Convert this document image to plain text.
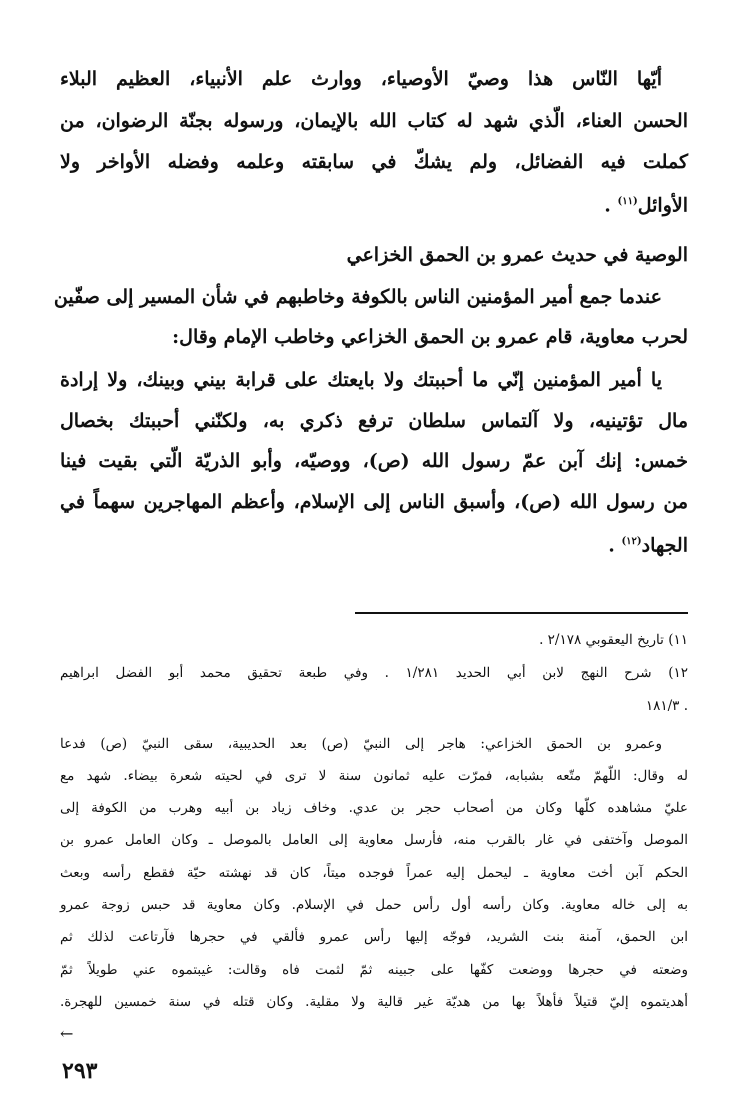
أيّها النّاس هذا وصيّ الأوصياء، ووارث علم الأنبياء، العظيم البلاء
الحسن العناء، الّذي شهد له كتاب الله بالإيمان، ورسوله بجنّة الرضوان، من
كملت فيه الفضائل، ولم يشكّ في سابقته وعلمه وفضله الأواخر ولا
الأوائل$^{(١١)}$ .
الوصية في حديث عمرو بن الحمق الخزاعي
عندما جمع أمير المؤمنين الناس بالكوفة وخاطبهم في شأن المسير إلى صفّين
لحرب معاوية، قام عمرو بن الحمق الخزاعي وخاطب الإمام وقال:
يا أمير المؤمنين إنّي ما أحببتك ولا بايعتك على قرابة بيني وبينك، ولا إرادة
مال تؤتينيه، ولا آلتماس سلطان ترفع ذكري به، ولكنّني أحببتك بخصال
خمس: إنك آبن عمّ رسول الله (ص)، ووصيّه، وأبو الذريّة الّتي بقيت فينا
من رسول الله (ص)، وأسبق الناس إلى الإسلام، وأعظم المهاجرين سهماً في
الجهاد$^{(١٢)}$ .
١١) تاريخ اليعقوبي ٢/١٧٨ .
١٢) شرح النهج لابن أبي الحديد ١/٢٨١ . وفي طبعة تحقيق محمد أبو الفضل ابراهيم
. ١٨١/٣
وعمرو بن الحمق الخزاعي: هاجر إلى النبيّ (ص) بعد الحديبية، سقى النبيّ (ص) فدعا
له وقال: اللّهمّ متّعه بشبابه، فمرّت عليه ثمانون سنة لا ترى في لحيته شعرة بيضاء. شهد مع
عليّ مشاهده كلّها وكان من أصحاب حجر بن عدي. وخاف زياد بن أبيه وهرب من الكوفة إلى
الموصل وآختفى في غار بالقرب منه، فأرسل معاوية إلى العامل بالموصل ـ وكان العامل عمرو بن
الحكم آبن أخت معاوية ـ ليحمل إليه عمراً فوجده ميتاً، كان قد نهشته حيّة فقطع رأسه وبعث
به إلى خاله معاوية. وكان رأسه أول رأس حمل في الإسلام. وكان معاوية قد حبس زوجة عمرو
ابن الحمق، آمنة بنت الشريد، فوجّه إليها رأس عمرو فألقي في حجرها فآرتاعت لذلك ثم
وضعته في حجرها ووضعت كفّها على جبينه ثمّ لثمت فاه وقالت: غيبتموه عني طويلاً ثمّ
أهديتموه إليّ قتيلاً فأهلاً بها من هديّة غير قالية ولا مقلية. وكان قتله في سنة خمسين للهجرة.
←
٢٩٣
